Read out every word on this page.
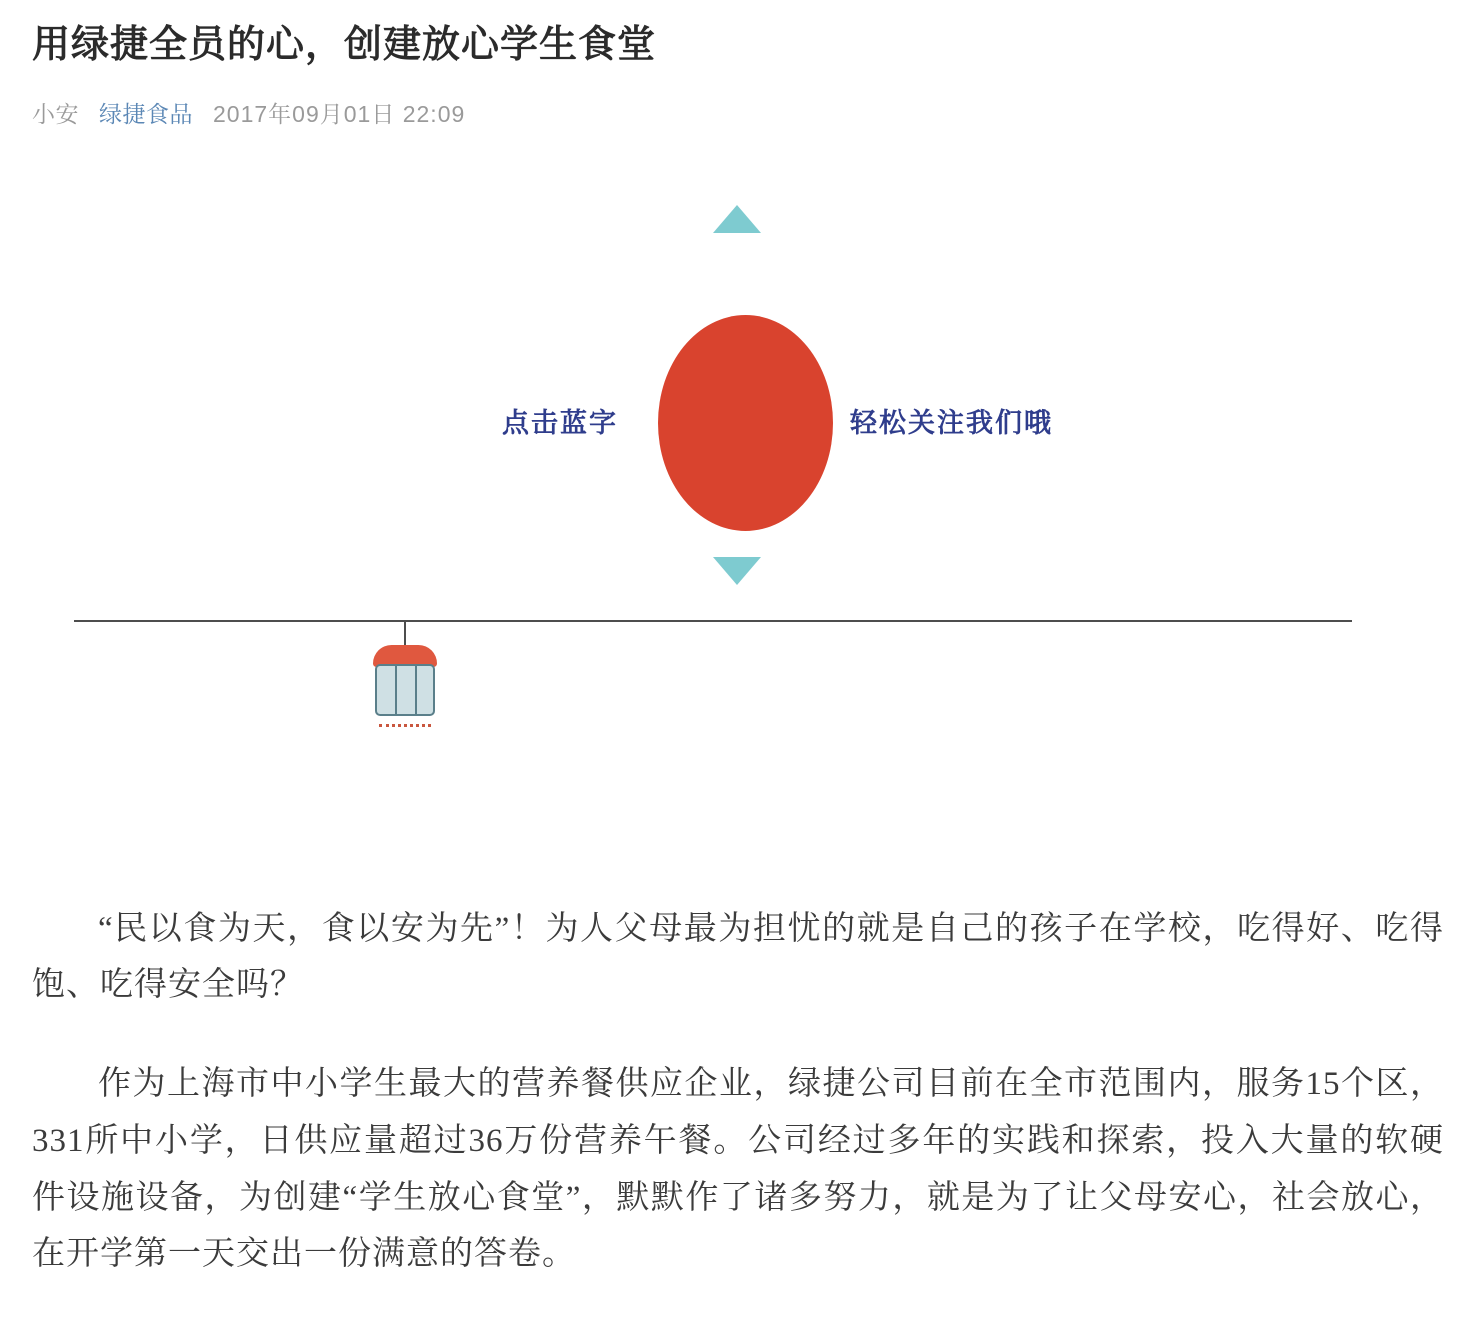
用绿捷全员的心，创建放心学生食堂
小安 绿捷食品 2017年09月01日 22:09
点击蓝字	轻松关注我们哦

“民以食为天，食以安为先”！为人父母最为担忧的就是自己的孩子在学校，吃得好、吃得饱、吃得安全吗？

作为上海市中小学生最大的营养餐供应企业，绿捷公司目前在全市范围内，服务15个区，331所中小学，日供应量超过36万份营养午餐。公司经过多年的实践和探索，投入大量的软硬件设施设备，为创建“学生放心食堂”，默默作了诸多努力，就是为了让父母安心，社会放心，在开学第一天交出一份满意的答卷。
